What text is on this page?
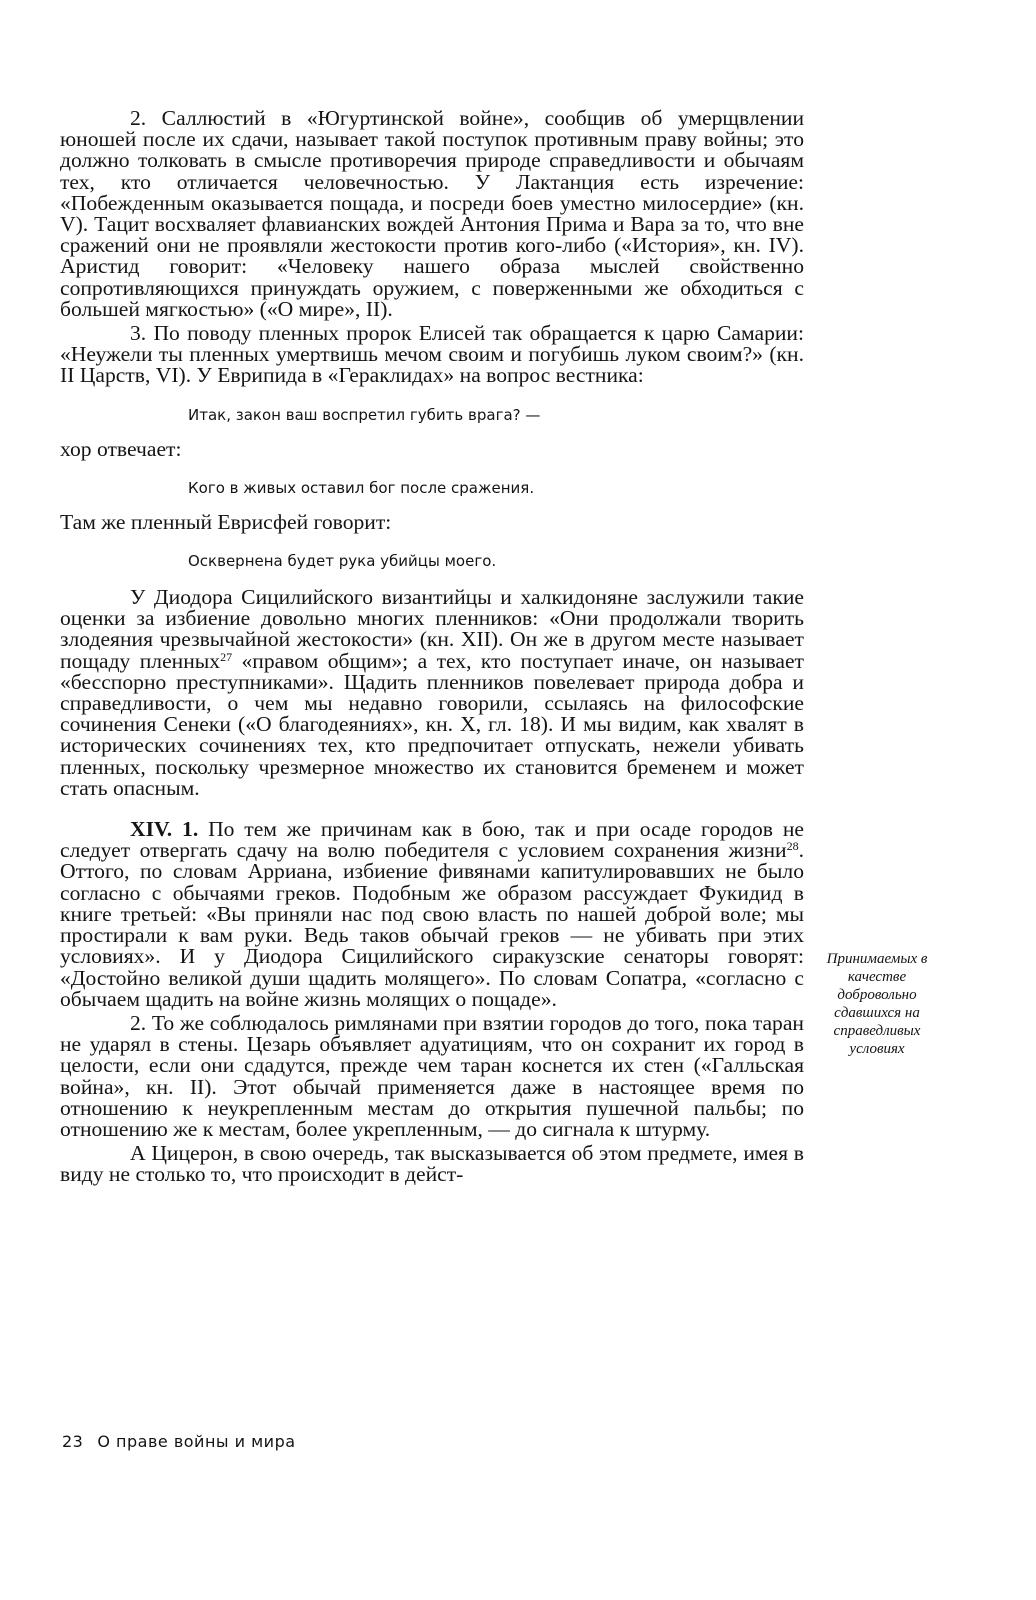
2. Саллюстий в «Югуртинской войне», сообщив об умерщвлении юношей после их сдачи, называет такой поступок противным праву войны; это должно толковать в смысле противоречия природе справедливости и обычаям тех, кто отличается человечностью. У Лактанция есть изречение: «Побежденным оказывается пощада, и посреди боев уместно милосердие» (кн. V). Тацит восхваляет флавианских вождей Антония Прима и Вара за то, что вне сражений они не проявляли жестокости против кого-либо («История», кн. IV). Аристид говорит: «Человеку нашего образа мыслей свойственно сопротивляющихся принуждать оружием, с поверженными же обходиться с большей мягкостью» («О мире», II).

3. По поводу пленных пророк Елисей так обращается к царю Самарии: «Неужели ты пленных умертвишь мечом своим и погубишь луком своим?» (кн. II Царств, VI). У Еврипида в «Гераклидах» на вопрос вестника:

Итак, закон ваш воспретил губить врага? —

хор отвечает:

Кого в живых оставил бог после сражения.

Там же пленный Еврисфей говорит:

Осквернена будет рука убийцы моего.

У Диодора Сицилийского византийцы и халкидоняне заслужили такие оценки за избиение довольно многих пленников: «Они продолжали творить злодеяния чрезвычайной жестокости» (кн. XII). Он же в другом месте называет пощаду пленных$^{27}$ «правом общим»; а тех, кто поступает иначе, он называет «бесспорно преступниками». Щадить пленников повелевает природа добра и справедливости, о чем мы недавно говорили, ссылаясь на философские сочинения Сенеки («О благодеяниях», кн. X, гл. 18). И мы видим, как хвалят в исторических сочинениях тех, кто предпочитает отпускать, нежели убивать пленных, поскольку чрезмерное множество их становится бременем и может стать опасным.

XIV. 1. По тем же причинам как в бою, так и при осаде городов не следует отвергать сдачу на волю победителя с условием сохранения жизни$^{28}$. Оттого, по словам Арриана, избиение фивянами капитулировавших не было согласно с обычаями греков. Подобным же образом рассуждает Фукидид в книге третьей: «Вы приняли нас под свою власть по нашей доброй воле; мы простирали к вам руки. Ведь таков обычай греков — не убивать при этих условиях». И у Диодора Сицилийского сиракузские сенаторы говорят: «Достойно великой души щадить молящего». По словам Сопатра, «согласно с обычаем щадить на войне жизнь молящих о пощаде».

2. То же соблюдалось римлянами при взятии городов до того, пока таран не ударял в стены. Цезарь объявляет адуатициям, что он сохранит их город в целости, если они сдадутся, прежде чем таран коснется их стен («Галльская война», кн. II). Этот обычай применяется даже в настоящее время по отношению к неукрепленным местам до открытия пушечной пальбы; по отношению же к местам, более укрепленным, — до сигнала к штурму.

А Цицерон, в свою очередь, так высказывается об этом предмете, имея в виду не столько то, что происходит в дейст-

Принимаемых в качестве добровольно сдавшихся на справедливых условиях
23 О праве войны и мира
